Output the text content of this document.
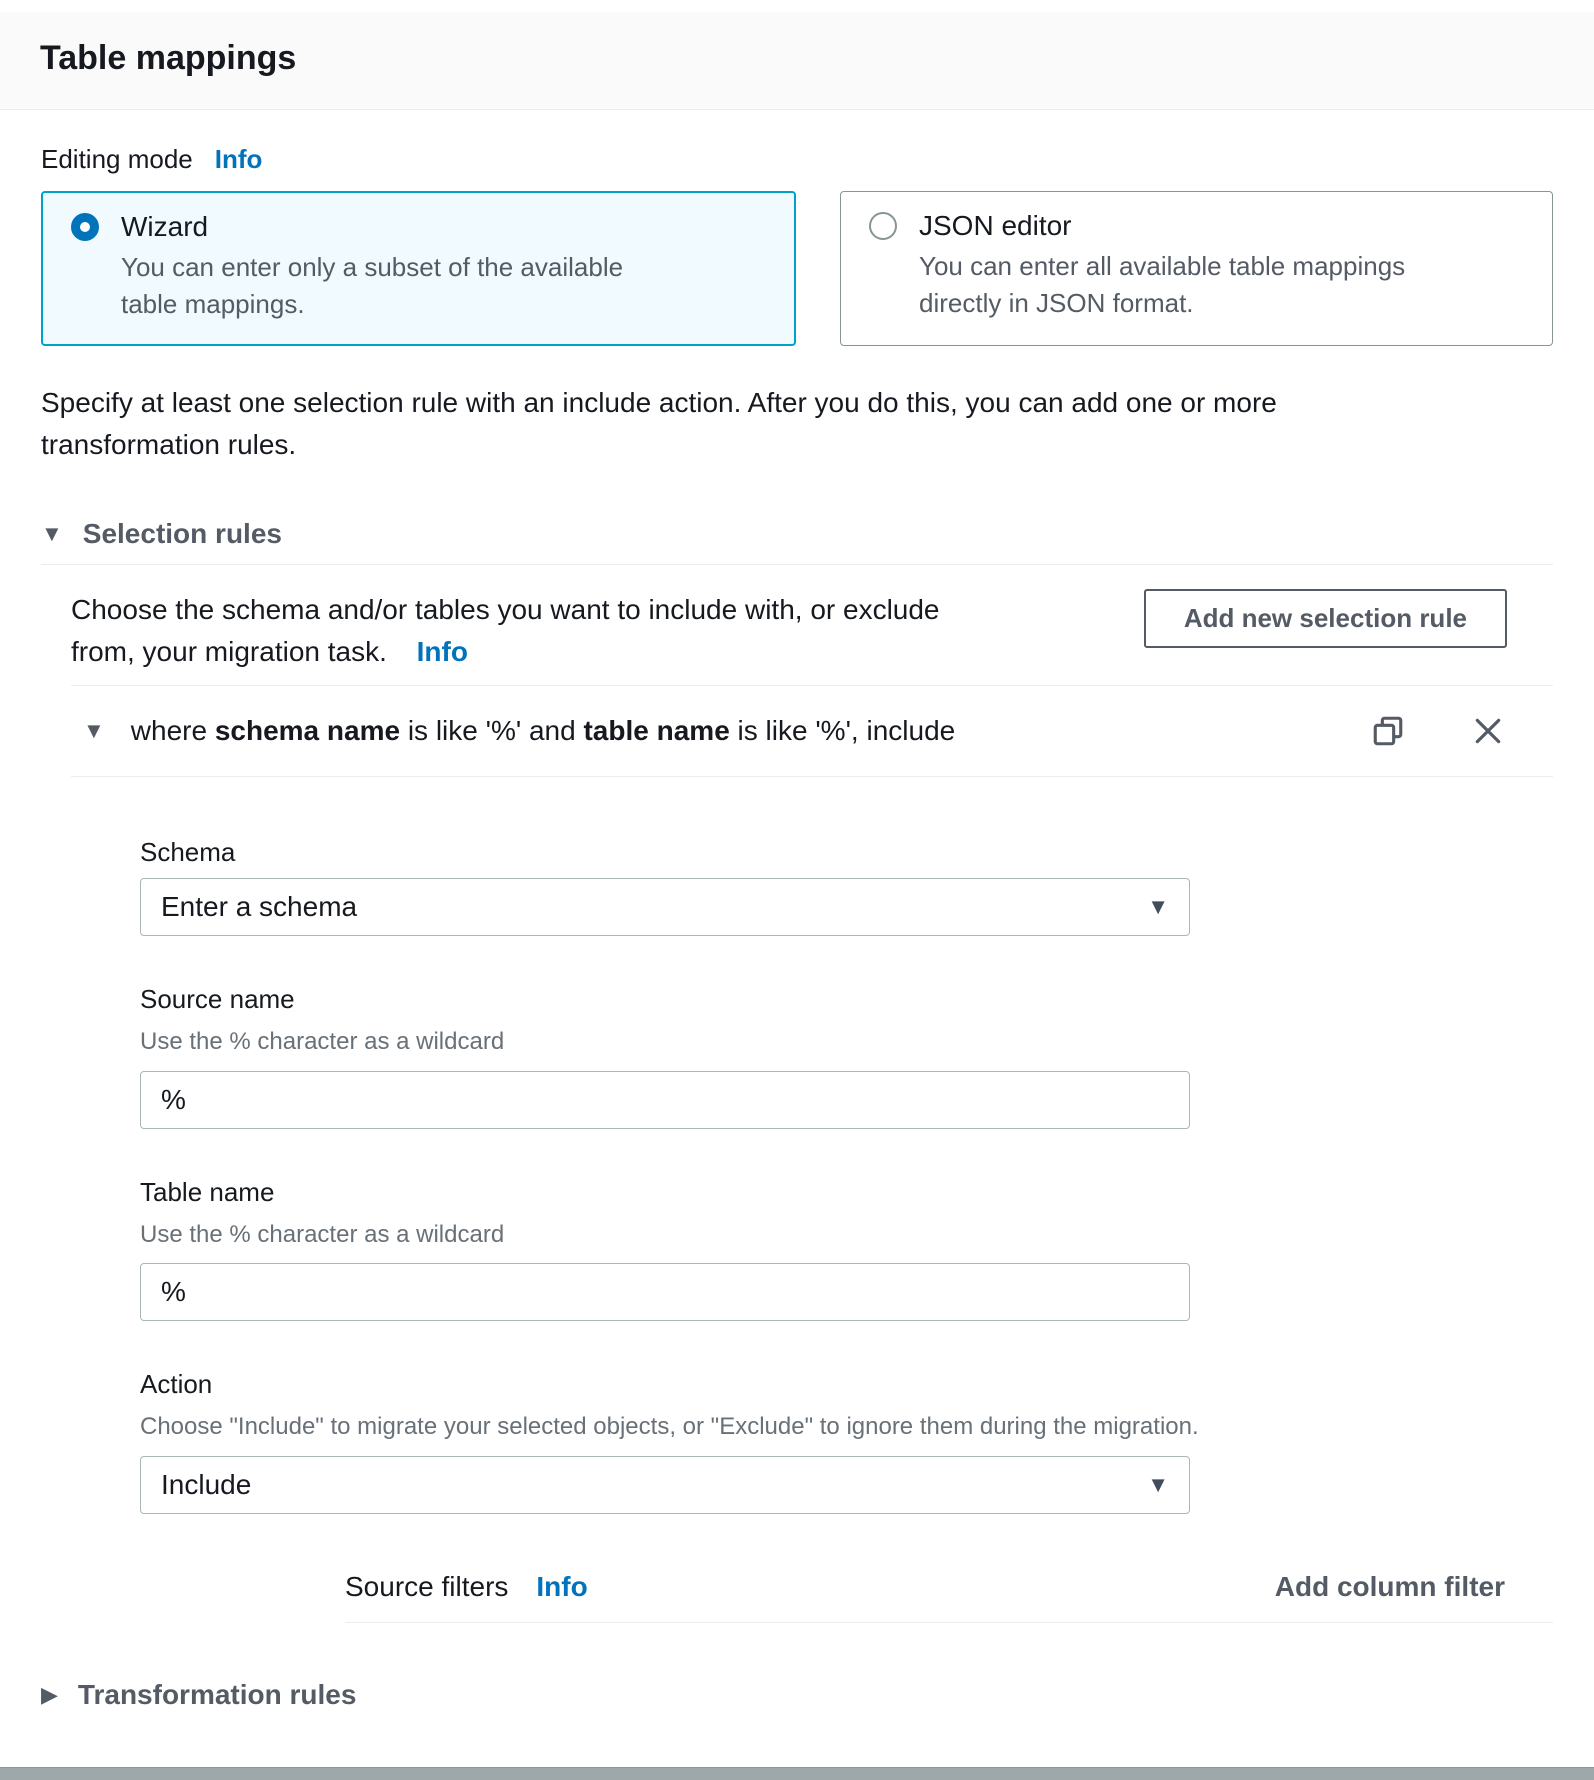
Table mappings
Editing mode Info
Wizard
You can enter only a subset of the available table mappings.
JSON editor
You can enter all available table mappings directly in JSON format.
Specify at least one selection rule with an include action. After you do this, you can add one or more transformation rules.
▼ Selection rules
Choose the schema and/or tables you want to include with, or exclude from, your migration task. Info
Add new selection rule
▼ where schema name is like '%' and table name is like '%', include
Schema
Enter a schema	▼
Source name
Use the % character as a wildcard
%
Table name
Use the % character as a wildcard
%
Action
Choose "Include" to migrate your selected objects, or "Exclude" to ignore them during the migration.
Include	▼
Source filters Info	Add column filter
▶ Transformation rules
